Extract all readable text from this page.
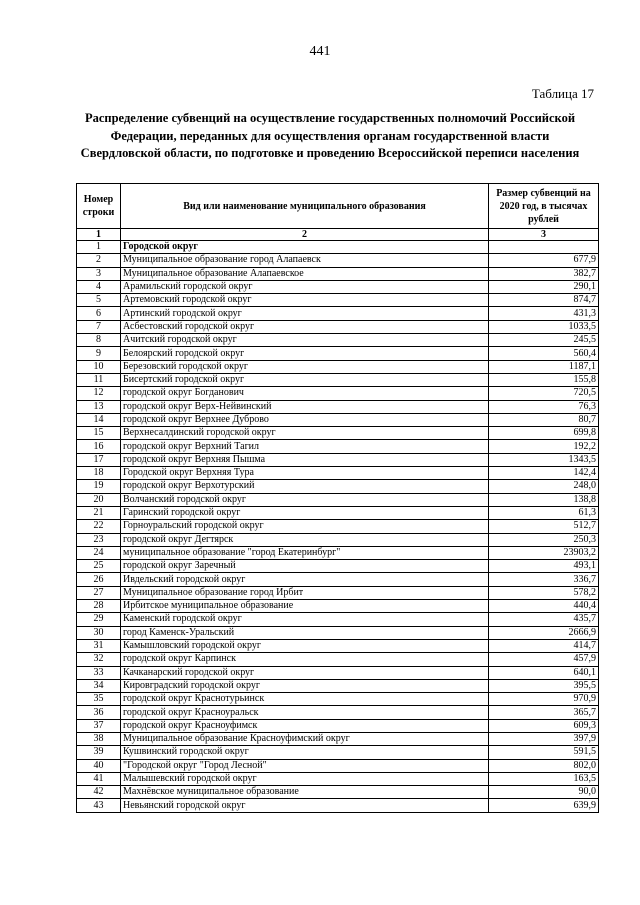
441
Таблица 17
Распределение субвенций на осуществление государственных полномочий Российской Федерации, переданных для осуществления органам государственной власти Свердловской области, по подготовке и проведению Всероссийской переписи населения
Номер строки	Вид или наименование муниципального образования	Размер субвенций на 2020 год, в тысячах рублей
1	2	3
1	Городской округ	
2	Муниципальное образование город Алапаевск	677,9
3	Муниципальное образование Алапаевское	382,7
4	Арамильский городской округ	290,1
5	Артемовский городской округ	874,7
6	Артинский городской округ	431,3
7	Асбестовский городской округ	1033,5
8	Ачитский городской округ	245,5
9	Белоярский городской округ	560,4
10	Березовский городской округ	1187,1
11	Бисертский городской округ	155,8
12	городской округ Богданович	720,5
13	городской округ Верх-Нейвинский	76,3
14	городской округ Верхнее Дуброво	80,7
15	Верхнесалдинский городской округ	699,8
16	городской округ Верхний Тагил	192,2
17	городской округ Верхняя Пышма	1343,5
18	Городской округ Верхняя Тура	142,4
19	городской округ Верхотурский	248,0
20	Волчанский городской округ	138,8
21	Гаринский городской округ	61,3
22	Горноуральский городской округ	512,7
23	городской округ Дегтярск	250,3
24	муниципальное образование "город Екатеринбург"	23903,2
25	городской округ Заречный	493,1
26	Ивдельский городской округ	336,7
27	Муниципальное образование город Ирбит	578,2
28	Ирбитское муниципальное образование	440,4
29	Каменский городской округ	435,7
30	город Каменск-Уральский	2666,9
31	Камышловский городской округ	414,7
32	городской округ Карпинск	457,9
33	Качканарский городской округ	640,1
34	Кировградский городской округ	395,5
35	городской округ Краснотурьинск	970,9
36	городской округ Красноуральск	365,7
37	городской округ Красноуфимск	609,3
38	Муниципальное образование Красноуфимский округ	397,9
39	Кушвинский городской округ	591,5
40	"Городской округ "Город Лесной"	802,0
41	Малышевский городской округ	163,5
42	Махнёвское муниципальное образование	90,0
43	Невьянский городской округ	639,9
